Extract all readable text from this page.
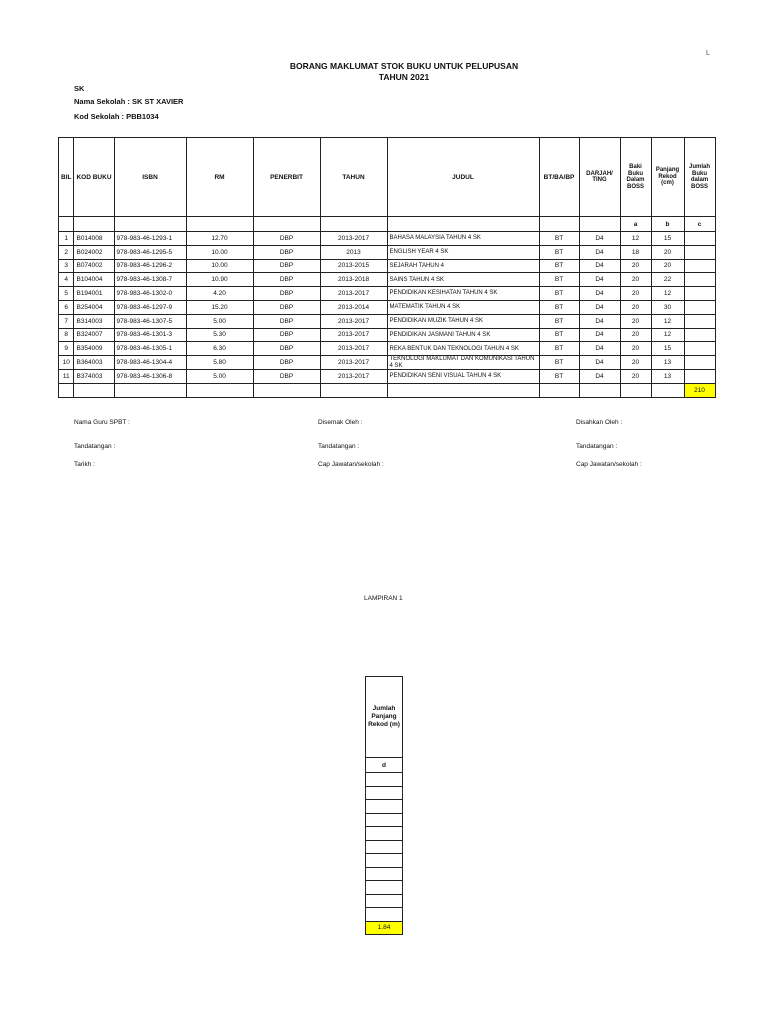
L
BORANG MAKLUMAT STOK BUKU UNTUK PELUPUSAN
TAHUN 2021
SK
Nama Sekolah : SK ST XAVIER
Kod Sekolah : PBB1034
BIL	KOD BUKU	ISBN	RM	PENERBIT	TAHUN	JUDUL	BT/BA/BP	DARJAH/ TING	Baki Buku Dalam BOSS	Panjang Rekod (cm)	Jumlah Buku dalam BOSS
									a	b	c
1	B014008	978-983-46-1293-1	12.70	DBP	2013-2017	BAHASA MALAYSIA TAHUN 4 SK	BT	D4	12	15	
2	B024002	978-983-46-1295-5	10.00	DBP	2013	ENGLISH YEAR 4 SK	BT	D4	18	20	
3	B074002	978-983-46-1296-2	10.00	DBP	2013-2015	SEJARAH TAHUN 4	BT	D4	20	20	
4	B104004	978-983-46-1308-7	10.90	DBP	2013-2018	SAINS TAHUN 4 SK	BT	D4	20	22	
5	B194001	978-983-46-1302-0	4.20	DBP	2013-2017	PENDIDIKAN KESIHATAN TAHUN 4 SK	BT	D4	20	12	
6	B254004	978-983-46-1297-9	15.20	DBP	2013-2014	MATEMATIK TAHUN 4 SK	BT	D4	20	30	
7	B314003	978-983-46-1307-5	5.00	DBP	2013-2017	PENDIDIKAN MUZIK TAHUN 4 SK	BT	D4	20	12	
8	B324007	978-983-46-1301-3	5.30	DBP	2013-2017	PENDIDIKAN JASMANI TAHUN 4 SK	BT	D4	20	12	
9	B354009	978-983-46-1305-1	6.30	DBP	2013-2017	REKA BENTUK DAN TEKNOLOGI TAHUN 4 SK	BT	D4	20	15	
10	B364003	978-983-46-1304-4	5.80	DBP	2013-2017	TEKNOLOGI MAKLUMAT DAN KOMUNIKASI TAHUN 4 SK	BT	D4	20	13	
11	B374003	978-983-46-1306-8	5.00	DBP	2013-2017	PENDIDIKAN SENI VISUAL TAHUN 4 SK	BT	D4	20	13	
											210
Nama Guru SPBT :
Tandatangan :
Tarikh :
Disemak Oleh :
Tandatangan :
Cap Jawatan/sekolah :
Disahkan Oleh :
Tandatangan :
Cap Jawatan/sekolah :
LAMPIRAN 1
Jumlah Panjang Rekod (m)
d

1.84
